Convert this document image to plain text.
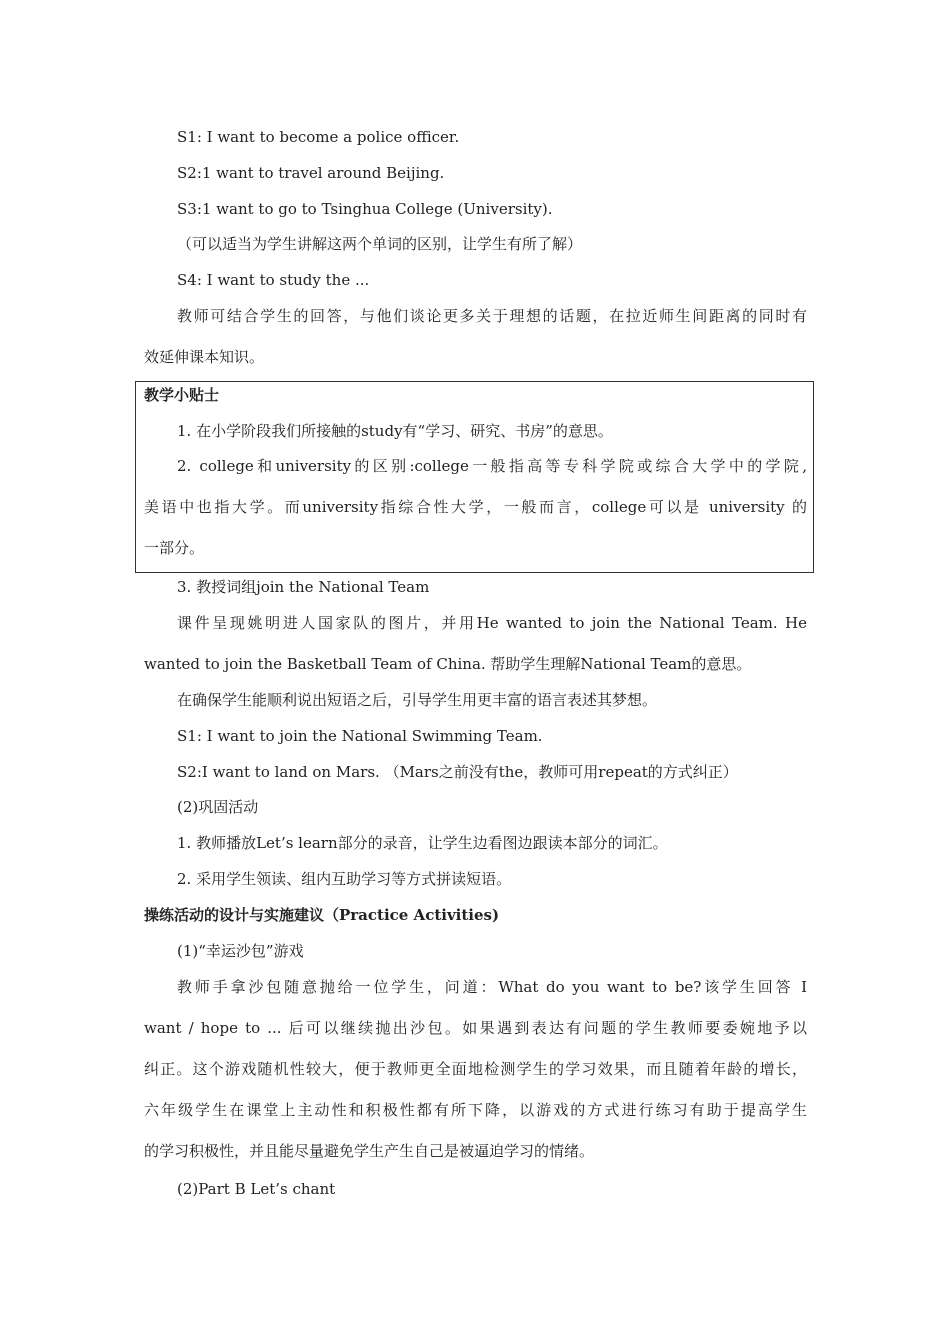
S1: I want to become a police officer.
S2:1 want to travel around Beijing.
S3:1 want to go to Tsinghua College (University).
（可以适当为学生讲解这两个单词的区别，让学生有所了解）
S4: I want to study the ...
教师可结合学生的回答，与他们谈论更多关于理想的话题，在拉近师生间距离的同时有
效延伸课本知识。
教学小贴士
1. 在小学阶段我们所接触的study有“学习、研究、书房”的意思。
2. college和university的区别:college一般指高等专科学院或综合大学中的学院,
美语中也指大学。而university指综合性大学，一般而言，college可以是 university 的
一部分。
3. 教授词组join the National Team
课件呈现姚明进人国家队的图片，并用He wanted to join the National Team. He
wanted to join the Basketball Team of China. 帮助学生理解National Team的意思。
在确保学生能顺利说出短语之后，引导学生用更丰富的语言表述其梦想。
S1: I want to join the National Swimming Team.
S2:I want to land on Mars. （Mars之前没有the，教师可用repeat的方式纠正）
(2)巩固活动
1. 教师播放Let’s learn部分的录音，让学生边看图边跟读本部分的词汇。
2. 采用学生领读、组内互助学习等方式拼读短语。
操练活动的设计与实施建议（Practice Activities)
(1)“幸运沙包”游戏
教师手拿沙包随意抛给一位学生，问道：What do you want to be?该学生回答 I
want / hope to ... 后可以继续抛出沙包。如果遇到表达有问题的学生教师要委婉地予以
纠正。这个游戏随机性较大，便于教师更全面地检测学生的学习效果，而且随着年龄的增长，
六年级学生在课堂上主动性和积极性都有所下降，以游戏的方式进行练习有助于提高学生
的学习积极性，并且能尽量避免学生产生自己是被逼迫学习的情绪。
(2)Part B Let’s chant
